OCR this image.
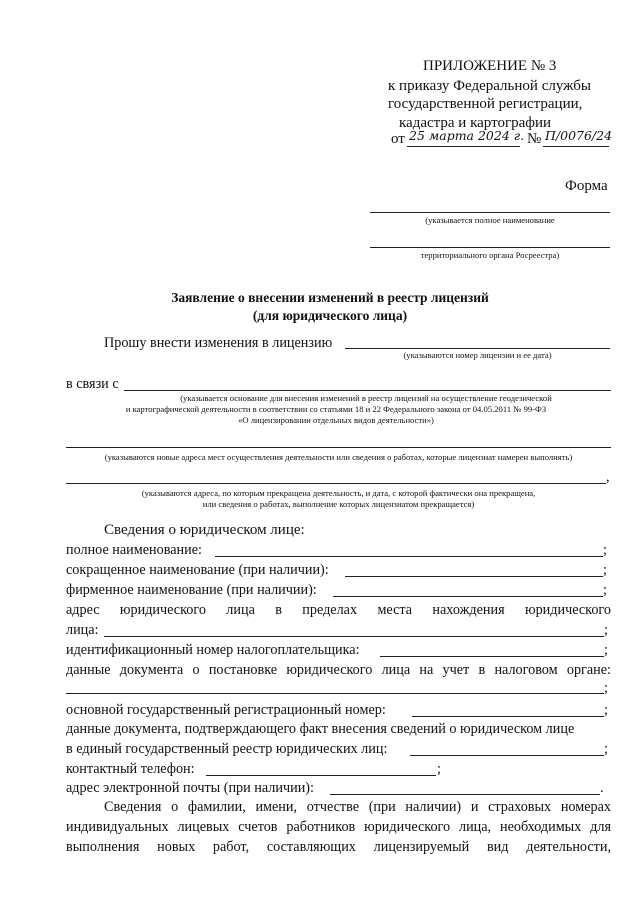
ПРИЛОЖЕНИЕ № 3
к приказу Федеральной службы
государственной регистрации,
кадастра и картографии
от 25 марта 2024 г. № П/0076/24
Форма
(указывается полное наименование
территориального органа Росреестра)
Заявление о внесении изменений в реестр лицензий
(для юридического лица)
Прошу внести изменения в лицензию
(указываются номер лицензии и ее дата)
в связи с
(указывается основание для внесения изменений в реестр лицензий на осуществление геодезической
и картографической деятельности в соответствии со статьями 18 и 22 Федерального закона от 04.05.2011 № 99-ФЗ
«О лицензировании отдельных видов деятельности»)
(указываются новые адреса мест осуществления деятельности или сведения о работах, которые лицензиат намерен выполнять)
,
(указываются адреса, по которым прекращена деятельность, и дата, с которой фактически она прекращена,
или сведения о работах, выполнение которых лицензиатом прекращается)
Сведения о юридическом лице:
полное наименование:	;
сокращенное наименование (при наличии):	;
фирменное наименование (при наличии):	;
адрес юридического лица в пределах места нахождения юридического
лица:	;
идентификационный номер налогоплательщика:	;
данные документа о постановке юридического лица на учет в налоговом органе:
;
основной государственный регистрационный номер:	;
данные документа, подтверждающего факт внесения сведений о юридическом лице
в единый государственный реестр юридических лиц:	;
контактный телефон:	;
адрес электронной почты (при наличии):	.
Сведения о фамилии, имени, отчестве (при наличии) и страховых номерах
индивидуальных лицевых счетов работников юридического лица, необходимых для
выполнения новых работ, составляющих лицензируемый вид деятельности,
